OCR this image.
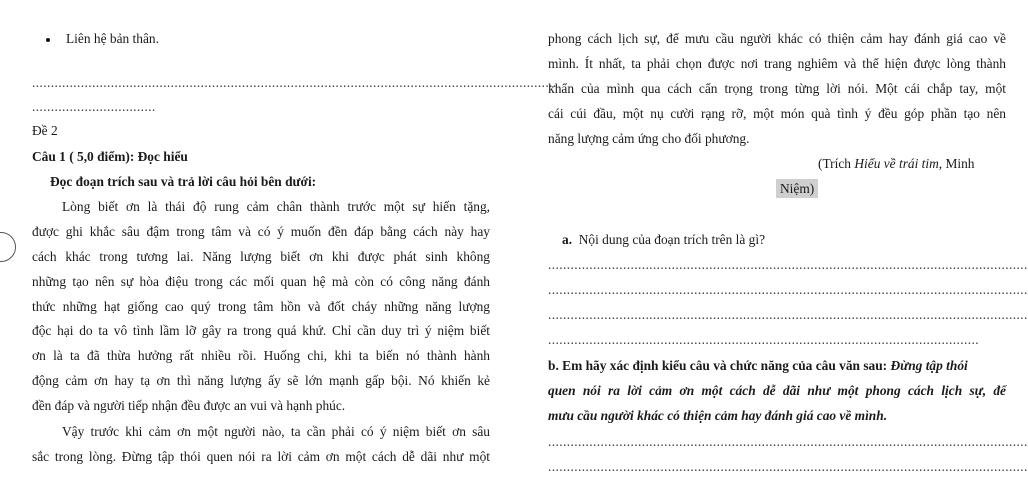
Liên hệ bản thân.
............................................................................................................................................
.................................
Đề 2
Câu 1 ( 5,0 điểm): Đọc hiểu
Đọc đoạn trích sau và trả lời câu hỏi bên dưới:
Lòng biết ơn là thái độ rung cảm chân thành trước một sự hiến tặng,
được ghi khắc sâu đậm trong tâm và có ý muốn đền đáp bằng cách này hay
cách khác trong tương lai. Năng lượng biết ơn khi được phát sinh không
những tạo nên sự hòa điệu trong các mối quan hệ mà còn có công năng đánh
thức những hạt giống cao quý trong tâm hồn và đốt cháy những năng lượng
độc hại do ta vô tình lầm lỡ gây ra trong quá khứ. Chỉ cần duy trì ý niệm biết
ơn là ta đã thừa hưởng rất nhiều rồi. Huống chi, khi ta biến nó thành hành
động cảm ơn hay tạ ơn thì năng lượng ấy sẽ lớn mạnh gấp bội. Nó khiến kẻ
đền đáp và người tiếp nhận đều được an vui và hạnh phúc.
Vậy trước khi cảm ơn một người nào, ta cần phải có ý niệm biết ơn sâu
sắc trong lòng. Đừng tập thói quen nói ra lời cảm ơn một cách dễ dãi như một
phong cách lịch sự, để mưu cầu người khác có thiện cảm hay đánh giá cao về
mình. Ít nhất, ta phải chọn được nơi trang nghiêm và thể hiện được lòng thành
khẩn của mình qua cách cẩn trọng trong từng lời nói. Một cái chắp tay, một
cái cúi đầu, một nụ cười rạng rỡ, một món quà tình ý đều góp phần tạo nên
năng lượng cảm ứng cho đối phương.
(Trích Hiểu về trái tim, Minh
Niệm)
a. Nội dung của đoạn trích trên là gì?
................................................................................................................................
................................................................................................................................
................................................................................................................................
...................................................................................................................
b. Em hãy xác định kiểu câu và chức năng của câu văn sau: Đừng tập thói
quen nói ra lời cảm ơn một cách dễ dãi như một phong cách lịch sự, để
mưu cầu người khác có thiện cảm hay đánh giá cao về mình.
................................................................................................................................
................................................................................................................................
